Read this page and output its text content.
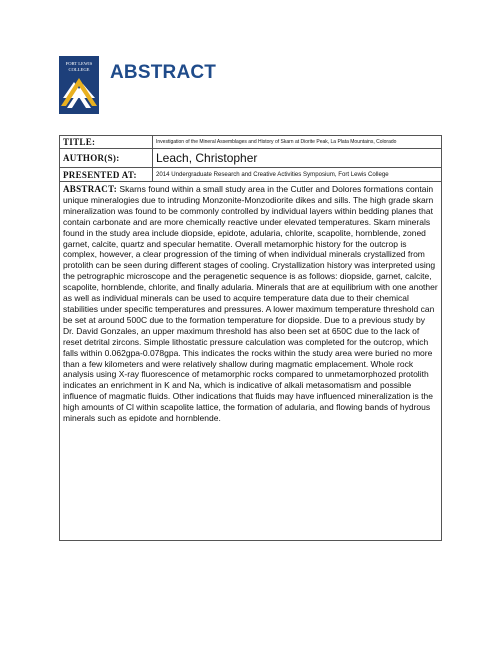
FORT LEWIS
COLLEGE ABSTRACT
TITLE:	Investigation of the Mineral Assemblages and History of Skarn at Diorite Peak, La Plata Mountains, Colorado
AUTHOR(S):	Leach, Christopher
PRESENTED AT:	2014 Undergraduate Research and Creative Activities Symposium, Fort Lewis College
ABSTRACT: Skarns found within a small study area in the Cutler and Dolores formations contain unique mineralogies due to intruding Monzonite-Monzodiorite dikes and sills. The high grade skarn mineralization was found to be commonly controlled by individual layers within bedding planes that contain carbonate and are more chemically reactive under elevated temperatures. Skarn minerals found in the study area include diopside, epidote, adularia, chlorite, scapolite, hornblende, zoned garnet, calcite, quartz and specular hematite. Overall metamorphic history for the outcrop is complex, however, a clear progression of the timing of when individual minerals crystallized from protolith can be seen during different stages of cooling. Crystallization history was interpreted using the petrographic microscope and the peragenetic sequence is as follows: diopside, garnet, calcite, scapolite, hornblende, chlorite, and finally adularia. Minerals that are at equilibrium with one another as well as individual minerals can be used to acquire temperature data due to their chemical stabilities under specific temperatures and pressures. A lower maximum temperature threshold can be set at around 500C due to the formation temperature for diopside. Due to a previous study by Dr. David Gonzales, an upper maximum threshold has also been set at 650C due to the lack of reset detrital zircons. Simple lithostatic pressure calculation was completed for the outcrop, which falls within 0.062gpa-0.078gpa. This indicates the rocks within the study area were buried no more than a few kilometers and were relatively shallow during magmatic emplacement. Whole rock analysis using X-ray fluorescence of metamorphic rocks compared to unmetamorphozed protolith indicates an enrichment in K and Na, which is indicative of alkali metasomatism and possible influence of magmatic fluids. Other indications that fluids may have influenced mineralization is the high amounts of Cl within scapolite lattice, the formation of adularia, and flowing bands of hydrous minerals such as epidote and hornblende.	
